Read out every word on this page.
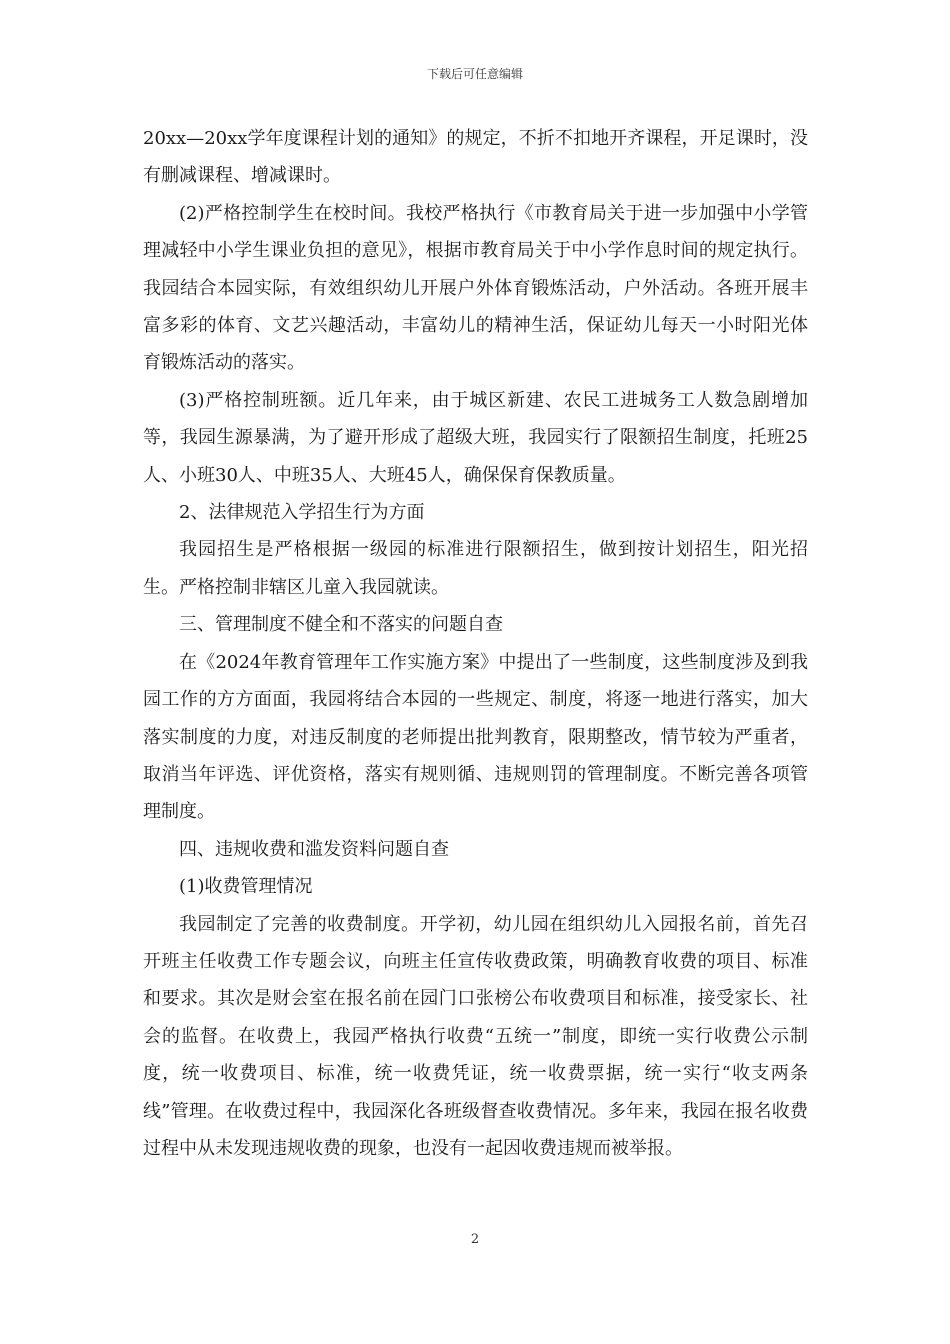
下载后可任意编辑

20xx—20xx学年度课程计划的通知》的规定，不折不扣地开齐课程，开足课时，没有删减课程、增减课时。

(2)严格控制学生在校时间。我校严格执行《市教育局关于进一步加强中小学管理减轻中小学生课业负担的意见》，根据市教育局关于中小学作息时间的规定执行。我园结合本园实际，有效组织幼儿开展户外体育锻炼活动，户外活动。各班开展丰富多彩的体育、文艺兴趣活动，丰富幼儿的精神生活，保证幼儿每天一小时阳光体育锻炼活动的落实。

(3)严格控制班额。近几年来，由于城区新建、农民工进城务工人数急剧增加等，我园生源暴满，为了避开形成了超级大班，我园实行了限额招生制度，托班25人、小班30人、中班35人、大班45人，确保保育保教质量。

2、法律规范入学招生行为方面

我园招生是严格根据一级园的标准进行限额招生，做到按计划招生，阳光招生。严格控制非辖区儿童入我园就读。

三、管理制度不健全和不落实的问题自查

在《2024年教育管理年工作实施方案》中提出了一些制度，这些制度涉及到我园工作的方方面面，我园将结合本园的一些规定、制度，将逐一地进行落实，加大落实制度的力度，对违反制度的老师提出批判教育，限期整改，情节较为严重者，取消当年评选、评优资格，落实有规则循、违规则罚的管理制度。不断完善各项管理制度。

四、违规收费和滥发资料问题自查

(1)收费管理情况

我园制定了完善的收费制度。开学初，幼儿园在组织幼儿入园报名前，首先召开班主任收费工作专题会议，向班主任宣传收费政策，明确教育收费的项目、标准和要求。其次是财会室在报名前在园门口张榜公布收费项目和标准，接受家长、社会的监督。在收费上，我园严格执行收费“五统一”制度，即统一实行收费公示制度，统一收费项目、标准，统一收费凭证，统一收费票据，统一实行“收支两条线”管理。在收费过程中，我园深化各班级督查收费情况。多年来，我园在报名收费过程中从未发现违规收费的现象，也没有一起因收费违规而被举报。

2
